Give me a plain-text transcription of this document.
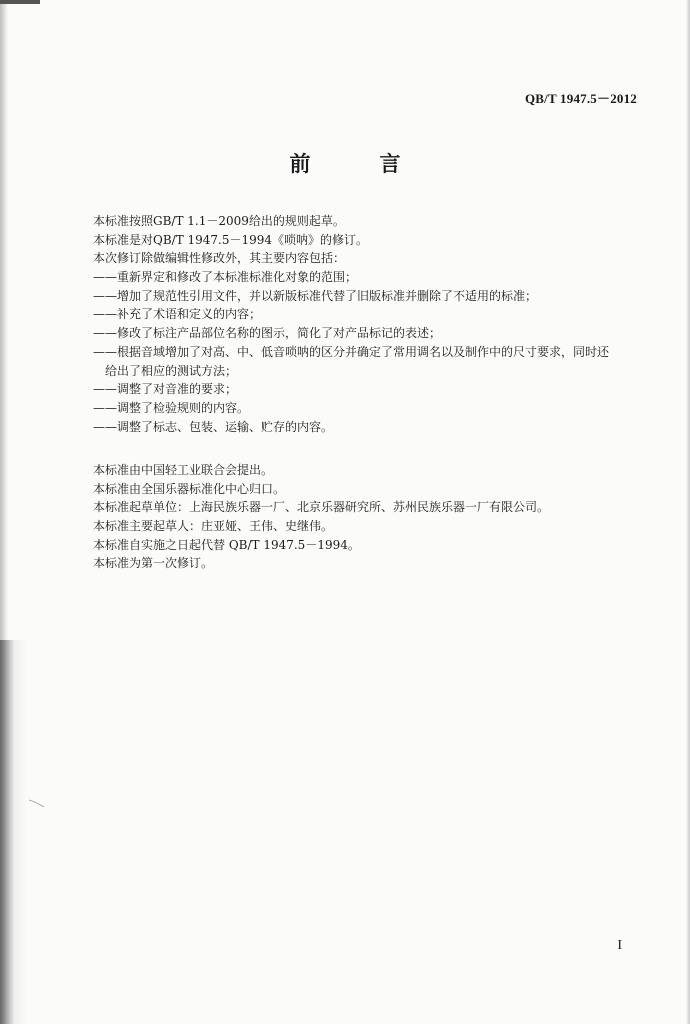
QB/T 1947.5－2012
前　言
本标准按照GB/T 1.1－2009给出的规则起草。
本标准是对QB/T 1947.5－1994《唢呐》的修订。
本次修订除做编辑性修改外，其主要内容包括：
——重新界定和修改了本标准标准化对象的范围；
——增加了规范性引用文件，并以新版标准代替了旧版标准并删除了不适用的标准；
——补充了术语和定义的内容；
——修改了标注产品部位名称的图示，简化了对产品标记的表述；
——根据音域增加了对高、中、低音唢呐的区分并确定了常用调名以及制作中的尺寸要求，同时还
给出了相应的测试方法；
——调整了对音准的要求；
——调整了检验规则的内容。
——调整了标志、包装、运输、贮存的内容。
本标准由中国轻工业联合会提出。
本标准由全国乐器标准化中心归口。
本标准起草单位：上海民族乐器一厂、北京乐器研究所、苏州民族乐器一厂有限公司。
本标准主要起草人：庄亚娅、王伟、史继伟。
本标准自实施之日起代替 QB/T 1947.5－1994。
本标准为第一次修订。
I
